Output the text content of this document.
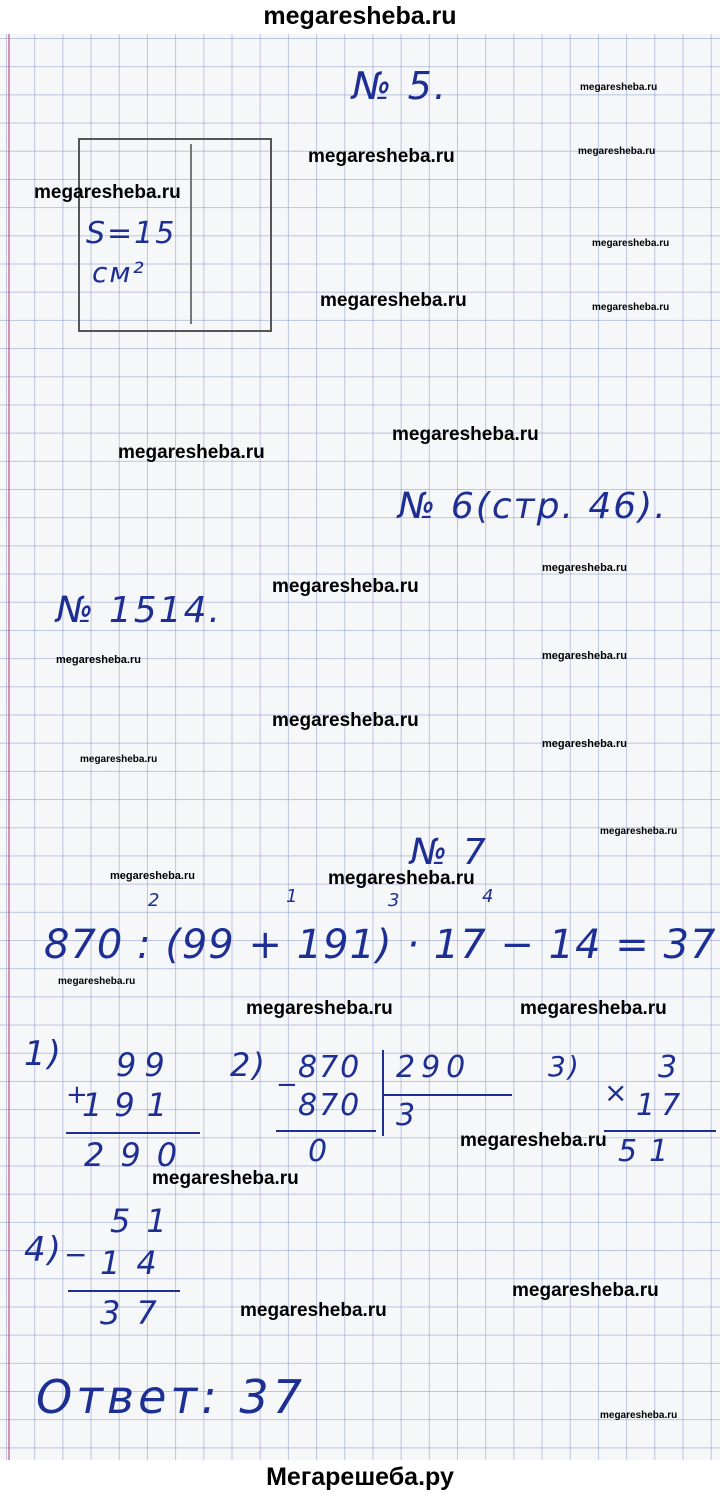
megaresheba.ru
№ 5.
S=15
см²
№ 6(стр. 46).
№ 1514.
№ 7
2	1	3	4
870 : (99 + 191) · 17 − 14 = 37
1)
+
99
191
290
2)
−
870 290
3
870
0
3)
×
3
17
51
4) −
51
14
37
Ответ: 37
megaresheba.ru
megaresheba.ru
megaresheba.ru
megaresheba.ru
megaresheba.ru
megaresheba.ru
megaresheba.ru
megaresheba.ru
megaresheba.ru	megaresheba.ru
megaresheba.ru
megaresheba.ru
megaresheba.ru
megaresheba.ru
megaresheba.ru
megaresheba.ru
megaresheba.ru
megaresheba.ru
megaresheba.ru
megaresheba.ru	megaresheba.ru
megaresheba.ru
megaresheba.ru
megaresheba.ru
megaresheba.ru
megaresheba.ru
megaresheba.ru
Мегарешеба.ру
